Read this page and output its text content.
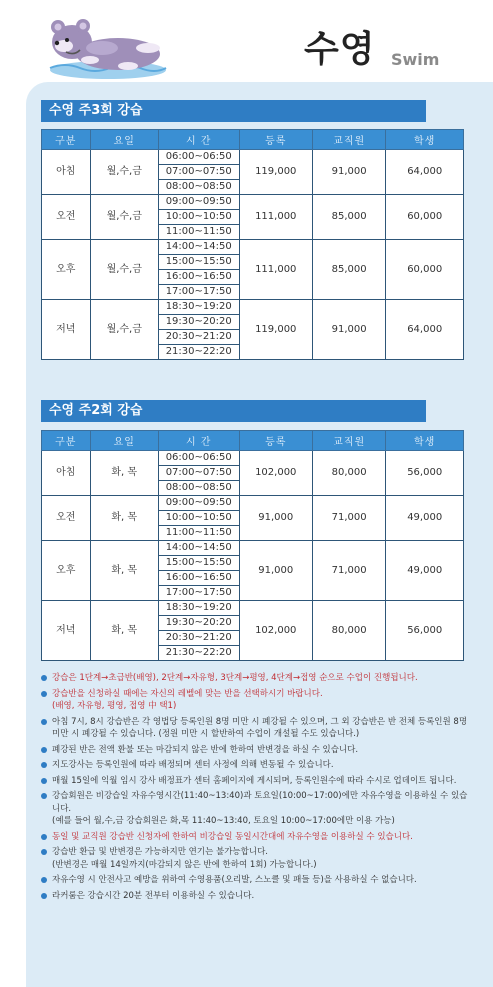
수영 Swim
수영 주3회 강습
구분	요일	시 간	등록	교직원	학생
아침	월,수,금	06:00~06:50	119,000	91,000	64,000
		07:00~07:50			
		08:00~08:50			
오전	월,수,금	09:00~09:50	111,000	85,000	60,000
		10:00~10:50			
		11:00~11:50			
오후	월,수,금	14:00~14:50	111,000	85,000	60,000
		15:00~15:50			
		16:00~16:50			
		17:00~17:50			
저녁	월,수,금	18:30~19:20	119,000	91,000	64,000
		19:30~20:20			
		20:30~21:20			
		21:30~22:20			
수영 주2회 강습
구분	요일	시 간	등록	교직원	학생
아침	화, 목	06:00~06:50	102,000	80,000	56,000
		07:00~07:50			
		08:00~08:50			
오전	화, 목	09:00~09:50	91,000	71,000	49,000
		10:00~10:50			
		11:00~11:50			
오후	화, 목	14:00~14:50	91,000	71,000	49,000
		15:00~15:50			
		16:00~16:50			
		17:00~17:50			
저녁	화, 목	18:30~19:20	102,000	80,000	56,000
		19:30~20:20			
		20:30~21:20			
		21:30~22:20			
강습은 1단계→초급반(배영), 2단계→자유형, 3단계→평영, 4단계→접영 순으로 수업이 진행됩니다.
강습반을 신청하실 때에는 자신의 레벨에 맞는 반을 선택하시기 바랍니다.
(배영, 자유형, 평영, 접영 中 택1)
아침 7시, 8시 강습반은 각 영법당 등록인원 8명 미만 시 폐강될 수 있으며, 그 외 강습반은 반 전체 등록인원 8명 미만 시 폐강될 수 있습니다. (정원 미만 시 할반하여 수업이 개설될 수도 있습니다.)
폐강된 반은 전액 환불 또는 마감되지 않은 반에 한하여 반변경을 하실 수 있습니다.
지도강사는 등록인원에 따라 배정되며 센터 사정에 의해 변동될 수 있습니다.
매월 15일에 익월 임시 강사 배정표가 센터 홈페이지에 게시되며, 등록인원수에 따라 수시로 업데이트 됩니다.
강습회원은 비강습일 자유수영시간(11:40~13:40)과 토요일(10:00~17:00)에만 자유수영을 이용하실 수 있습니다.
(예를 들어 월,수,금 강습회원은 화,목 11:40~13:40, 토요일 10:00~17:00에만 이용 가능)
동일 및 교직원 강습반 신청자에 한하여 비강습일 동일시간대에 자유수영을 이용하실 수 있습니다.
강습반 환급 및 반변경은 가능하지만 연기는 불가능합니다.
(반변경은 매월 14일까지(마감되지 않은 반에 한하여 1회) 가능합니다.)
자유수영 시 안전사고 예방을 위하여 수영용품(오리발, 스노클 및 패들 등)을 사용하실 수 없습니다.
라커룸은 강습시간 20분 전부터 이용하실 수 있습니다.
